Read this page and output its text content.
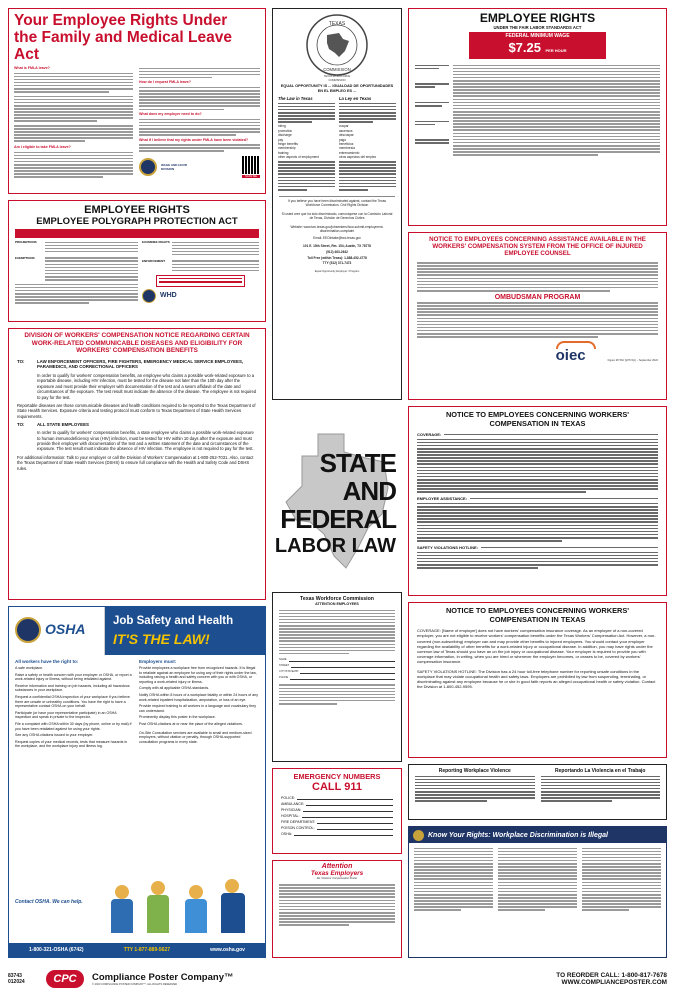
Your Employee Rights Under the Family and Medical Leave Act
What is FMLA leave?
Am I eligible to take FMLA leave?
How do I request FMLA leave?
What does my employer need to do?
What if I believe that my rights under FMLA have been violated?
WAGE AND HOUR DIVISION
SCAN ME
TEXAS
COMMISSION
TEXAS WORKFORCE
COMMISSION
EQUAL OPPORTUNITY IS ... IGUALDAD DE OPORTUNIDADES EN EL EMPLEO ES ...
The Law in Texas
hiring
promotion
discharge
pay
fringe benefits
membership
training
other aspects of employment
La Ley en Texas
cuspar
ascensos
descuspar
pago
beneficios
membresía
entrenamiento
otros aspectos del empleo
If you believe you have been discriminated against, contact the Texas Workforce Commission, Civil Rights Division
Si usted cree que ha sido discriminado, comuníquese con la Comisión Laboral de Texas, División de Derechos Civiles
Website: www.twc.texas.gov/jobseekers/how-submit-employment-discrimination-complaint
Email: EEOIntake@twc.texas.gov
101 E. 15th Street, Rm. 154; Austin, TX 78778
(512) 463-2642
Toll Free (within Texas): 1-888-452-4778
TTY (512) 371-7473
Equal Opportunity Employer / Program
EMPLOYEE RIGHTS
UNDER THE FAIR LABOR STANDARDS ACT
FEDERAL MINIMUM WAGE
$7.25 PER HOUR
NOTICE TO EMPLOYEES CONCERNING ASSISTANCE AVAILABLE IN THE WORKERS' COMPENSATION SYSTEM FROM THE OFFICE OF INJURED EMPLOYEE COUNSEL
OMBUDSMAN PROGRAM
oiec	Figure 28 TAC §276.5(c) – September 2022
EMPLOYEE RIGHTS
EMPLOYEE POLYGRAPH PROTECTION ACT
PROHIBITIONS
EXEMPTIONS
EXAMINEE RIGHTS
ENFORCEMENT
WHD
DIVISION OF WORKERS' COMPENSATION NOTICE REGARDING CERTAIN WORK-RELATED COMMUNICABLE DISEASES AND ELIGIBILITY FOR WORKERS' COMPENSATION BENEFITS
TO:	LAW ENFORCEMENT OFFICERS, FIRE FIGHTERS, EMERGENCY MEDICAL SERVICE EMPLOYEES, PARAMEDICS, AND CORRECTIONAL OFFICERS
In order to qualify for workers' compensation benefits, an employee who claims a possible work-related exposure to a reportable disease, including HIV infection, must be tested for the disease not later than the 10th day after the exposure and must provide their employer with documentation of the test and a sworn affidavit of the date and circumstances of the exposure. The test result must indicate the absence of the disease. The employee is not required to pay for the test.
Reportable diseases are those communicable diseases and health conditions required to be reported to the Texas Department of State Health Services. Exposure criteria and testing protocol must conform to Texas Department of State Health Services requirements.
TO:	ALL STATE EMPLOYEES
In order to qualify for workers' compensation benefits, a state employee who claims a possible work-related exposure to human immunodeficiency virus (HIV) infection, must be tested for HIV within 10 days after the exposure and must provide their employer with documentation of the test and a written statement of the date and circumstances of the exposure. The test result must indicate the absence of HIV infection. The employee is not required to pay for the test.
For additional information: Talk to your employer or call the Division of Workers' Compensation at 1-800-252-7031. Also, contact the Texas Department of State Health Services (DSHS) to ensure full compliance with the Health and Safety Code and DSHS rules.	STATE
AND
FEDERAL
LABOR LAW
NOTICE TO EMPLOYEES CONCERNING WORKERS' COMPENSATION IN TEXAS
COVERAGE:
EMPLOYEE ASSISTANCE:
SAFETY VIOLATIONS HOTLINE:
OSHA Job Safety and Health
IT'S THE LAW!
All workers have the right to:
A safe workplace.
Raise a safety or health concern with your employer or OSHA, or report a work-related injury or illness, without being retaliated against.
Receive information and training on job hazards, including all hazardous substances in your workplace.
Request a confidential OSHA inspection of your workplace if you believe there are unsafe or unhealthy conditions. You have the right to have a representative contact OSHA on your behalf.
Participate (or have your representative participate) in an OSHA inspection and speak in private to the inspector.
File a complaint with OSHA within 30 days (by phone, online or by mail) if you have been retaliated against for using your rights.
See any OSHA citations issued to your employer.
Request copies of your medical records, tests that measure hazards in the workplace, and the workplace injury and illness log.
Employers must:
Provide employees a workplace free from recognized hazards. It is illegal to retaliate against an employee for using any of their rights under the law, including raising a health and safety concern with you or with OSHA, or reporting a work-related injury or illness.
Comply with all applicable OSHA standards.
Notify OSHA within 8 hours of a workplace fatality or within 24 hours of any work-related inpatient hospitalization, amputation, or loss of an eye.
Provide required training to all workers in a language and vocabulary they can understand.
Prominently display this poster in the workplace.
Post OSHA citations at or near the place of the alleged violations.
On-Site Consultation services are available to small and medium-sized employers, without citation or penalty, through OSHA-supported consultation programs in every state.
Contact OSHA. We can help.
1-800-321-OSHA (6742)	TTY 1-877-889-5627	www.osha.gov
Texas Workforce Commission
ATTENTION EMPLOYEES
NAME
STREET
CITY/STATE/ZIP
PHONE
NOTICE TO EMPLOYEES CONCERNING WORKERS' COMPENSATION IN TEXAS
COVERAGE: [Name of employer] does not have workers' compensation insurance coverage. As an employee of a non-covered employer, you are not eligible to receive workers' compensation benefits under the Texas Workers' Compensation Act. However, a non-covered (non-subscribing) employer can and may provide other benefits to injured employees. You should contact your employer regarding the availability of other benefits for a work-related injury or occupational disease. In addition, you may have rights under the common law of Texas should you have an on the job injury or occupational disease. Your employer is required to provide you with coverage information, in writing, when you are hired or whenever the employer becomes, or ceases to be, covered by workers' compensation insurance.
SAFETY VIOLATIONS HOTLINE: The Division has a 24 hour toll-free telephone number for reporting unsafe conditions in the workplace that may violate occupational health and safety laws. Employers are prohibited by law from suspending, terminating, or discriminating against any employee because he or she in good faith reports an alleged occupational health or safety violation. Contact the Division at 1-800-452-9595.
EMERGENCY NUMBERS
CALL 911
POLICE:
AMBULANCE:
PHYSICIAN:
HOSPITAL:
FIRE DEPARTMENT:
POISON CONTROL:
OSHA:
Attention
Texas Employers
Re: Workers' Compensation Poster
Reporting Workplace Violence	Reportando La Violencia en el Trabajo
Know Your Rights: Workplace Discrimination is Illegal
83743
012024	CPC Compliance Poster Company™
© 2023 COMPLIANCE POSTER COMPANY™. ALL RIGHTS RESERVED
TO REORDER CALL: 1-800-817-7678
WWW.COMPLIANCEPOSTER.COM
